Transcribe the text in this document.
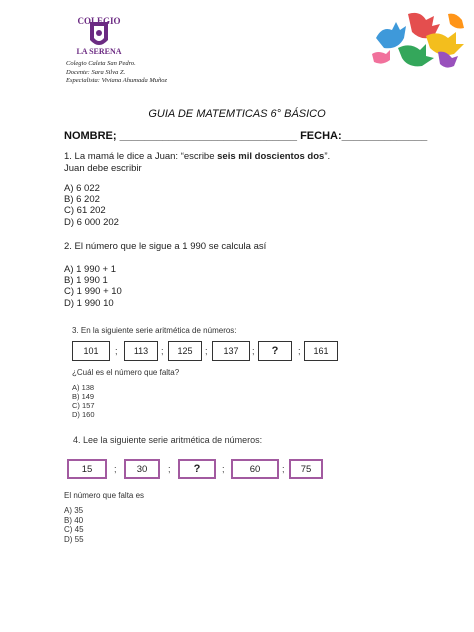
COLEGIO
LA SERENA
Colegio Caleta San Pedro.
Docente: Sara Silva Z.
Especialista: Viviana Ahumada Muñoz
GUIA DE MATEMTICAS 6° BÁSICO
NOMBRE; _____________________________ FECHA:______________
1. La mamá le dice a Juan: “escribe seis mil doscientos dos”.
Juan debe escribir
A) 6 022
B) 6 202
C) 61 202
D) 6 000 202
2. El número que le sigue a 1 990 se calcula así
A) 1 990 + 1
B) 1 990 1
C) 1 990 + 10
D) 1 990 10
3. En la siguiente serie aritmética de números:
101	;	113	;	125	;	137	;	?	;	161
¿Cuál es el número que falta?
A) 138
B) 149
C) 157
D) 160
4. Lee la siguiente serie aritmética de números:
15	;	30	;	?	;	60	;	75
El número que falta es
A) 35
B) 40
C) 45
D) 55
